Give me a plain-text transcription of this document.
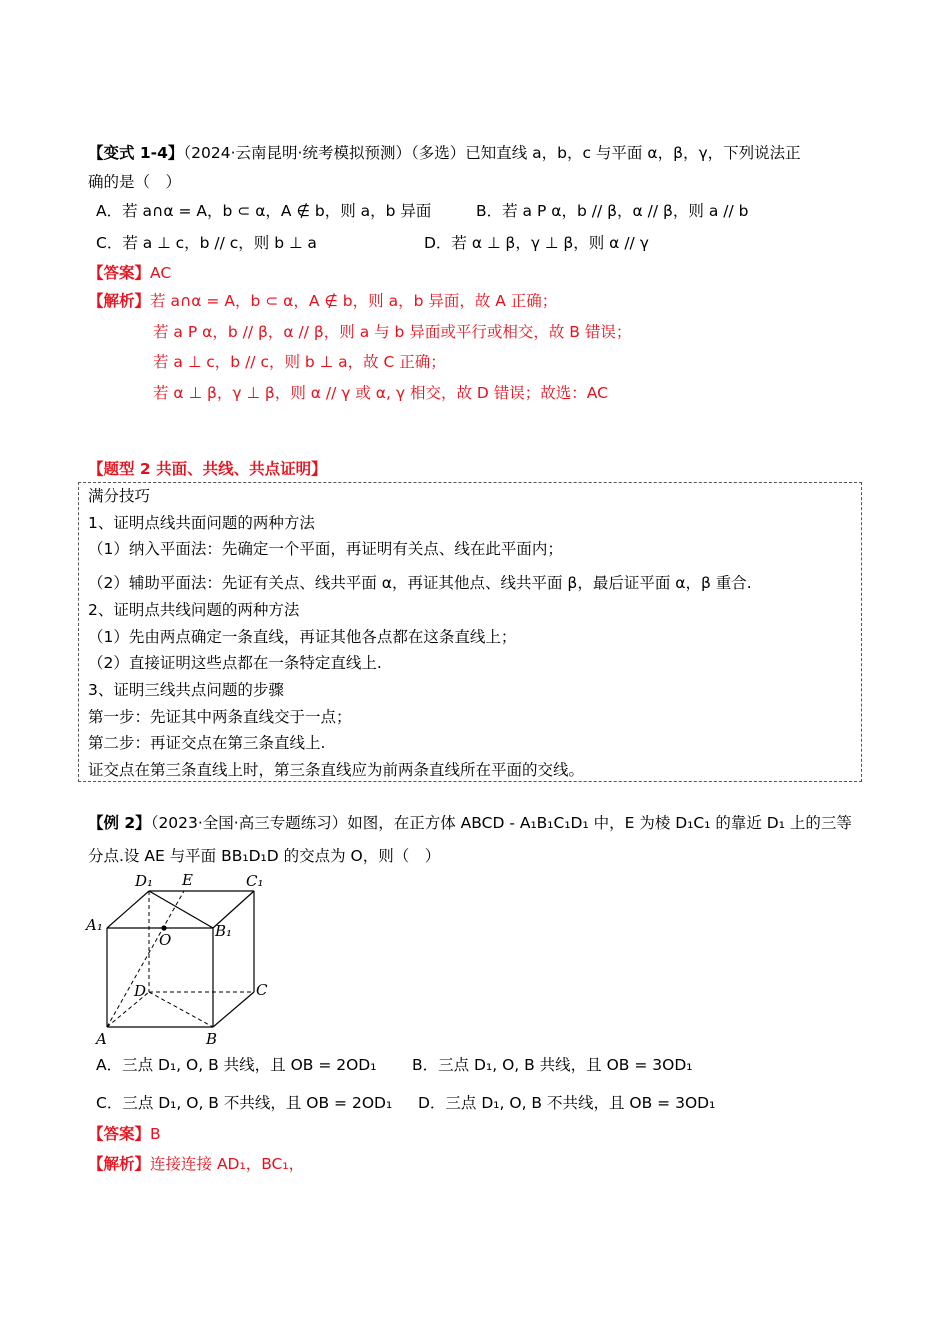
【变式 1-4】（2024·云南昆明·统考模拟预测）（多选）已知直线 a，b，c 与平面 α，β，γ，下列说法正
确的是（　）
A．若 a∩α = A，b ⊂ α，A ∉ b，则 a，b 异面	B．若 a P α，b // β，α // β，则 a // b
C．若 a ⊥ c，b // c，则 b ⊥ a	D．若 α ⊥ β，γ ⊥ β，则 α // γ
【答案】AC
【解析】若 a∩α = A，b ⊂ α，A ∉ b，则 a，b 异面，故 A 正确；
若 a P α，b // β，α // β，则 a 与 b 异面或平行或相交，故 B 错误；
若 a ⊥ c，b // c，则 b ⊥ a，故 C 正确；
若 α ⊥ β，γ ⊥ β，则 α // γ 或 α, γ 相交，故 D 错误；故选：AC
【题型 2 共面、共线、共点证明】
满分技巧
1、证明点线共面问题的两种方法
（1）纳入平面法：先确定一个平面，再证明有关点、线在此平面内；
（2）辅助平面法：先证有关点、线共平面 α，再证其他点、线共平面 β，最后证平面 α，β 重合.
2、证明点共线问题的两种方法
（1）先由两点确定一条直线，再证其他各点都在这条直线上；
（2）直接证明这些点都在一条特定直线上.
3、证明三线共点问题的步骤
第一步：先证其中两条直线交于一点；
第二步：再证交点在第三条直线上.
证交点在第三条直线上时，第三条直线应为前两条直线所在平面的交线。
【例 2】（2023·全国·高三专题练习）如图，在正方体 ABCD - A₁B₁C₁D₁ 中，E 为棱 D₁C₁ 的靠近 D₁ 上的三等
分点.设 AE 与平面 BB₁D₁D 的交点为 O，则（　）
D₁ E	C₁
A₁	B₁
O
D	C
A	B
A．三点 D₁, O, B 共线，且 OB = 2OD₁ B．三点 D₁, O, B 共线，且 OB = 3OD₁
C．三点 D₁, O, B 不共线，且 OB = 2OD₁ D．三点 D₁, O, B 不共线，且 OB = 3OD₁
【答案】B
【解析】连接连接 AD₁，BC₁，
